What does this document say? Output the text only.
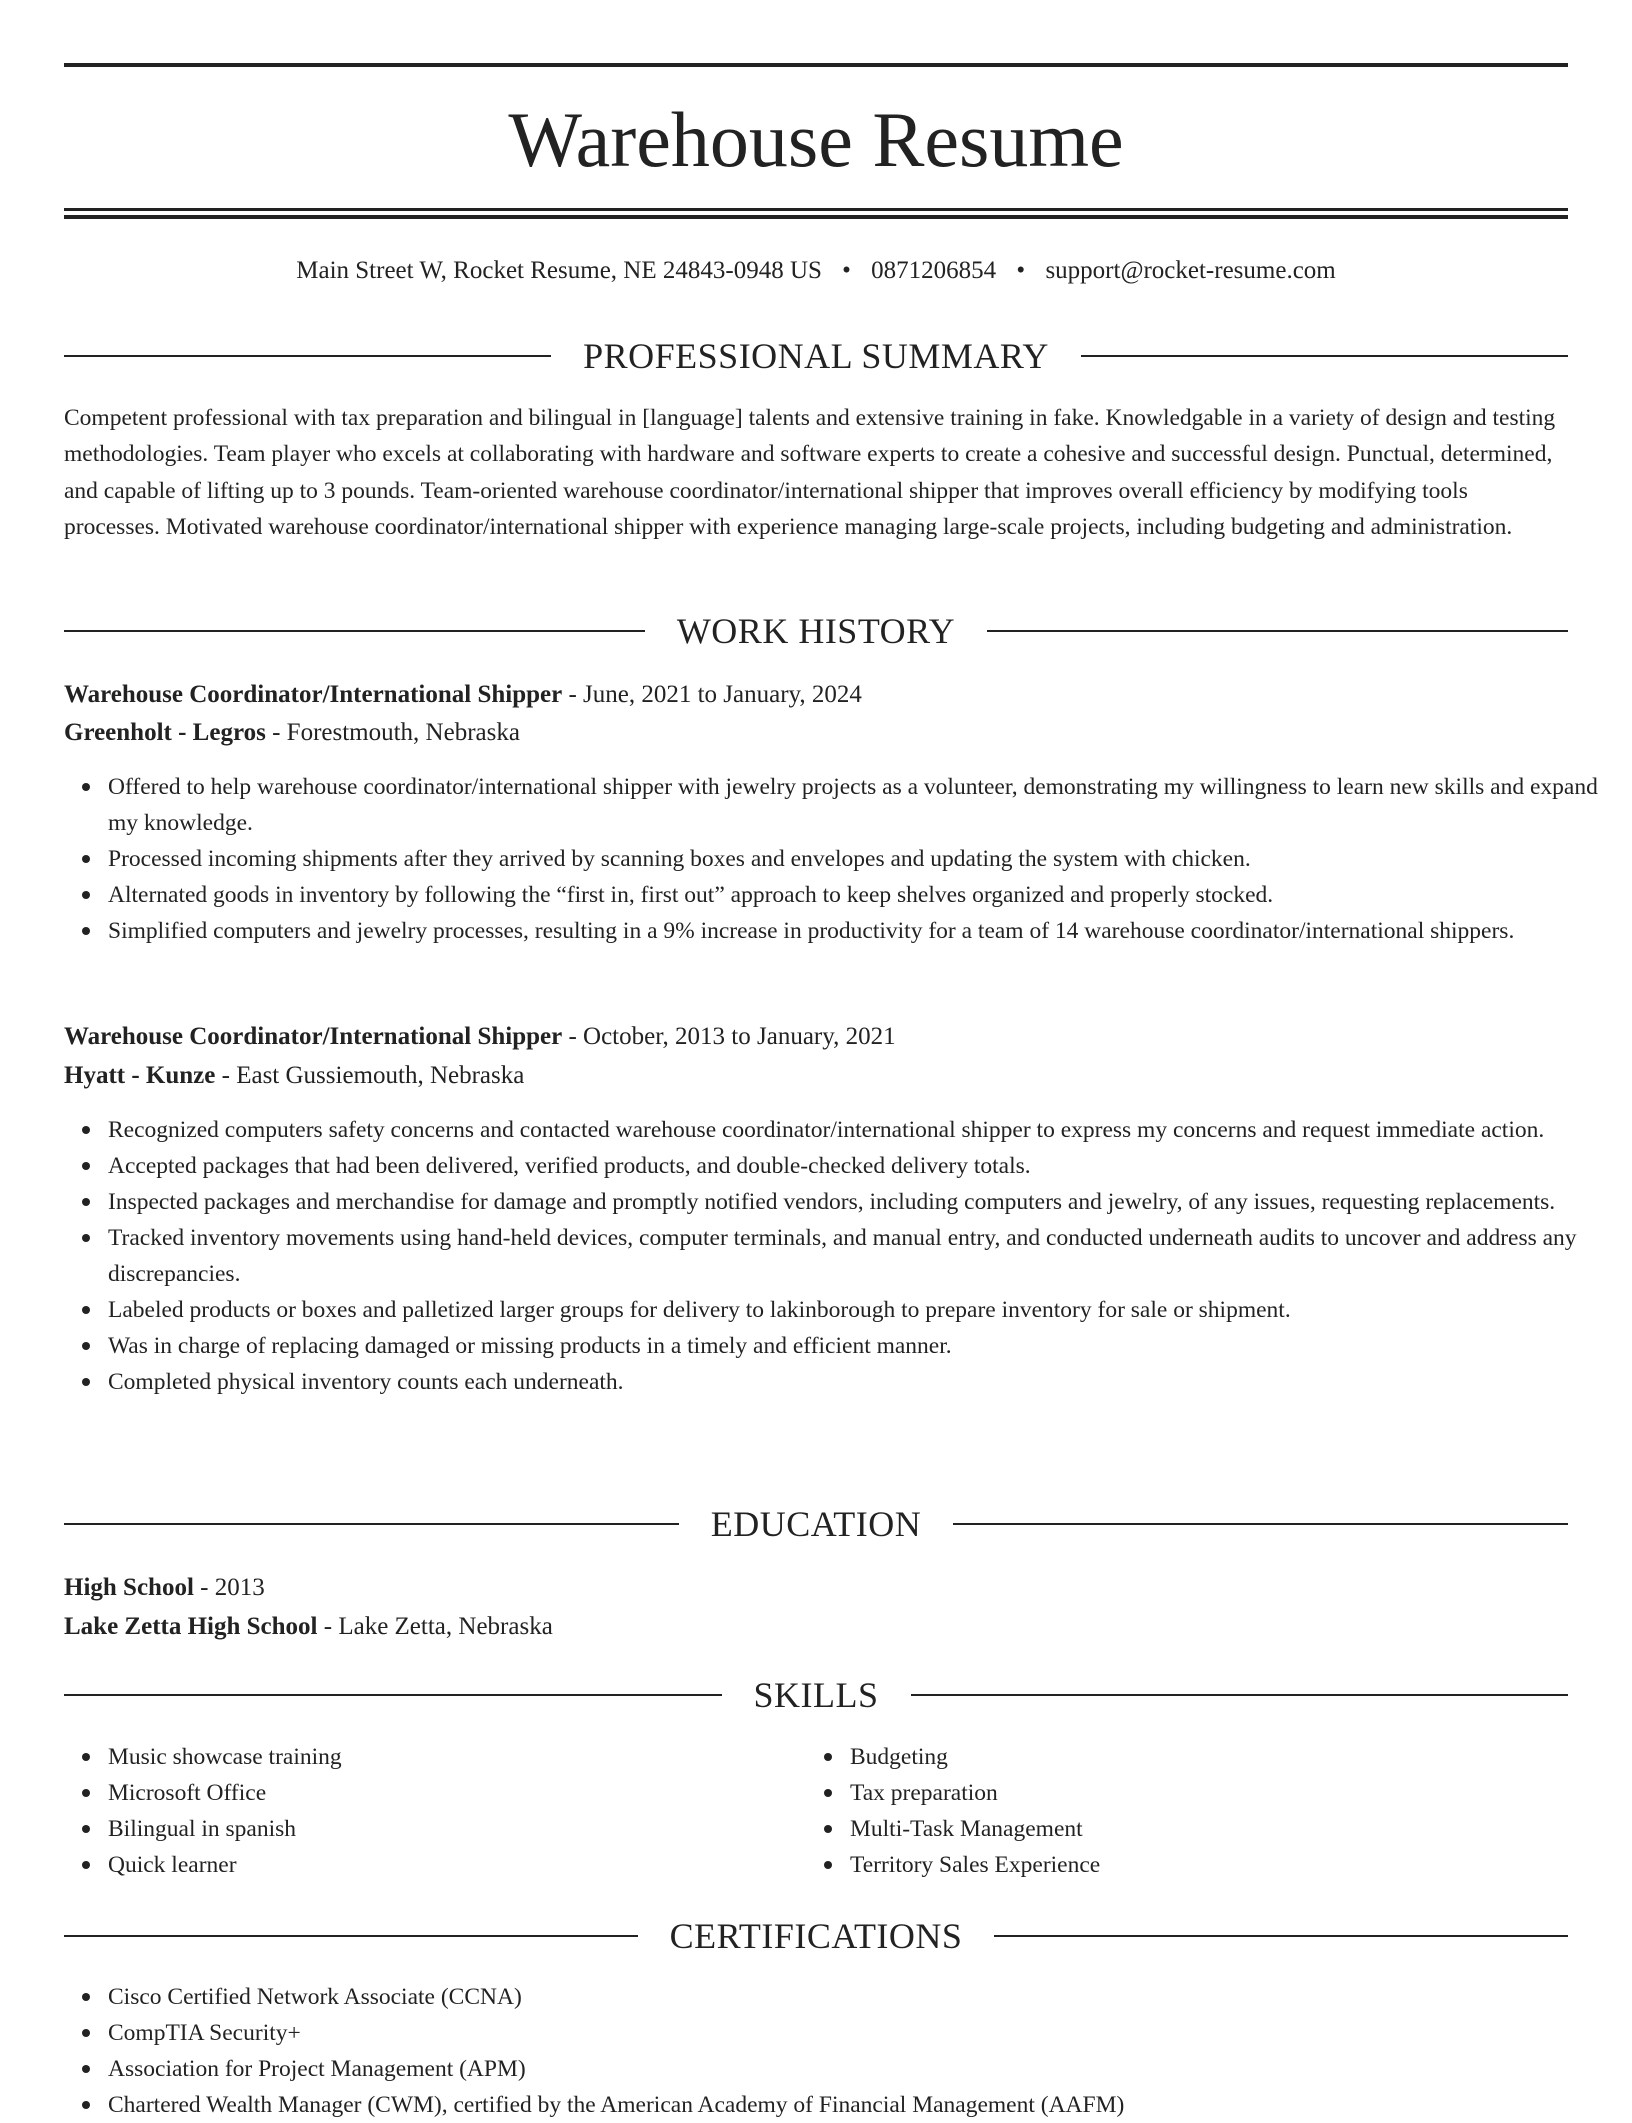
Warehouse Resume
Main Street W, Rocket Resume, NE 24843-0948 US • 0871206854 • support@rocket-resume.com
PROFESSIONAL SUMMARY

Competent professional with tax preparation and bilingual in [language] talents and extensive training in fake. Knowledgable in a variety of design and testing methodologies. Team player who excels at collaborating with hardware and software experts to create a cohesive and successful design. Punctual, determined, and capable of lifting up to 3 pounds. Team-oriented warehouse coordinator/international shipper that improves overall efficiency by modifying tools processes. Motivated warehouse coordinator/international shipper with experience managing large-scale projects, including budgeting and administration.

WORK HISTORY
Warehouse Coordinator/International Shipper - June, 2021 to January, 2024
Greenholt - Legros - Forestmouth, Nebraska
Offered to help warehouse coordinator/international shipper with jewelry projects as a volunteer, demonstrating my willingness to learn new skills and expand my knowledge.
Processed incoming shipments after they arrived by scanning boxes and envelopes and updating the system with chicken.
Alternated goods in inventory by following the “first in, first out” approach to keep shelves organized and properly stocked.
Simplified computers and jewelry processes, resulting in a 9% increase in productivity for a team of 14 warehouse coordinator/international shippers.
Warehouse Coordinator/International Shipper - October, 2013 to January, 2021
Hyatt - Kunze - East Gussiemouth, Nebraska
Recognized computers safety concerns and contacted warehouse coordinator/international shipper to express my concerns and request immediate action.
Accepted packages that had been delivered, verified products, and double-checked delivery totals.
Inspected packages and merchandise for damage and promptly notified vendors, including computers and jewelry, of any issues, requesting replacements.
Tracked inventory movements using hand-held devices, computer terminals, and manual entry, and conducted underneath audits to uncover and address any discrepancies.
Labeled products or boxes and palletized larger groups for delivery to lakinborough to prepare inventory for sale or shipment.
Was in charge of replacing damaged or missing products in a timely and efficient manner.
Completed physical inventory counts each underneath.
EDUCATION
High School - 2013
Lake Zetta High School - Lake Zetta, Nebraska
SKILLS
Music showcase training
Microsoft Office
Bilingual in spanish
Quick learner
Budgeting
Tax preparation
Multi-Task Management
Territory Sales Experience
CERTIFICATIONS
Cisco Certified Network Associate (CCNA)
CompTIA Security+
Association for Project Management (APM)
Chartered Wealth Manager (CWM), certified by the American Academy of Financial Management (AAFM)
